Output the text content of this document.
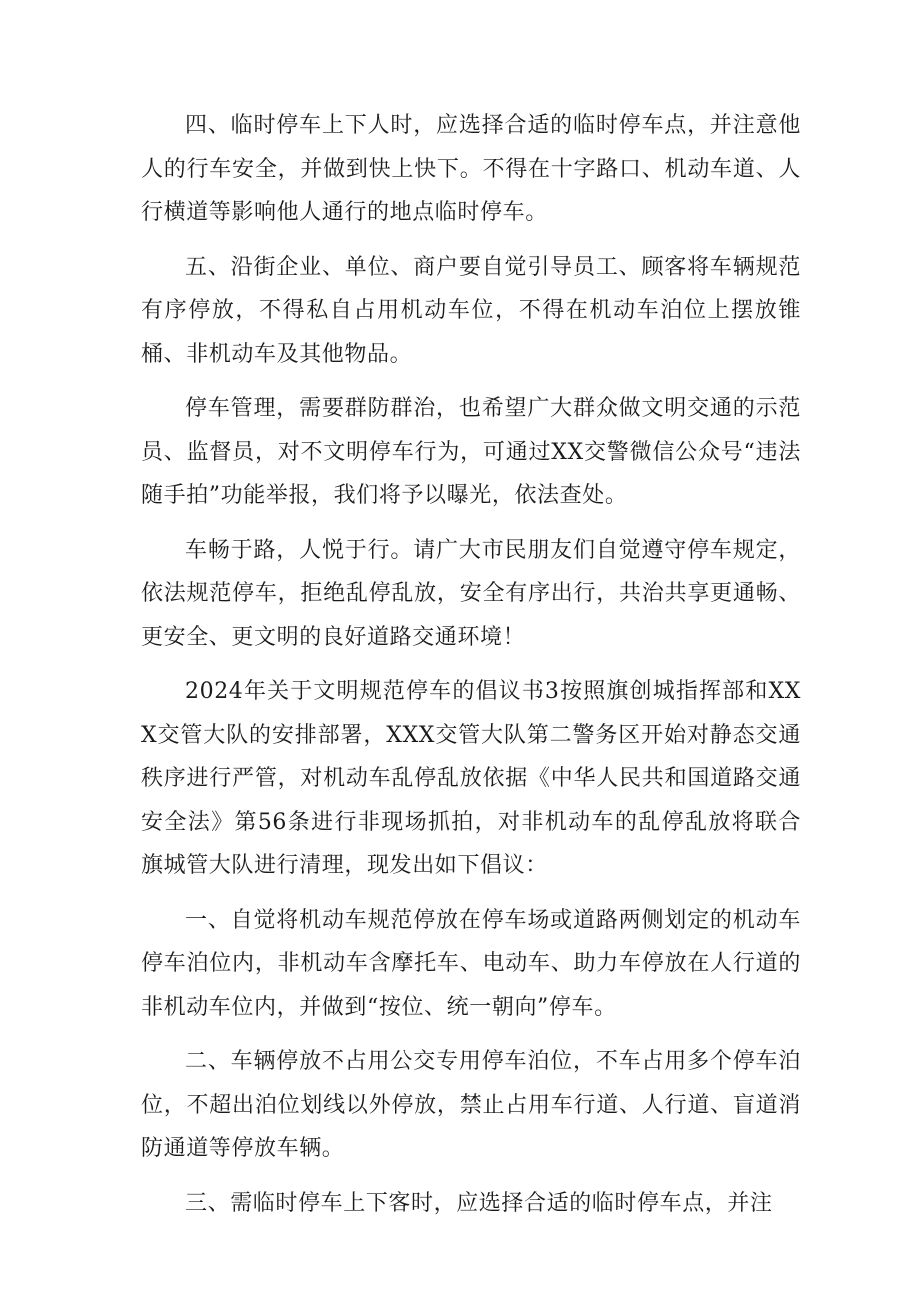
四、临时停车上下人时，应选择合适的临时停车点，并注意他人的行车安全，并做到快上快下。不得在十字路口、机动车道、人行横道等影响他人通行的地点临时停车。

五、沿街企业、单位、商户要自觉引导员工、顾客将车辆规范有序停放，不得私自占用机动车位，不得在机动车泊位上摆放锥桶、非机动车及其他物品。

停车管理，需要群防群治，也希望广大群众做文明交通的示范员、监督员，对不文明停车行为，可通过XX交警微信公众号“违法随手拍”功能举报，我们将予以曝光，依法查处。

车畅于路，人悦于行。请广大市民朋友们自觉遵守停车规定，依法规范停车，拒绝乱停乱放，安全有序出行，共治共享更通畅、更安全、更文明的良好道路交通环境！

2024年关于文明规范停车的倡议书3按照旗创城指挥部和XXX交管大队的安排部署，XXX交管大队第二警务区开始对静态交通秩序进行严管，对机动车乱停乱放依据《中华人民共和国道路交通安全法》第56条进行非现场抓拍，对非机动车的乱停乱放将联合旗城管大队进行清理，现发出如下倡议：

一、自觉将机动车规范停放在停车场或道路两侧划定的机动车停车泊位内，非机动车含摩托车、电动车、助力车停放在人行道的非机动车位内，并做到“按位、统一朝向”停车。

二、车辆停放不占用公交专用停车泊位，不车占用多个停车泊位，不超出泊位划线以外停放，禁止占用车行道、人行道、盲道消防通道等停放车辆。

三、需临时停车上下客时，应选择合适的临时停车点，并注
